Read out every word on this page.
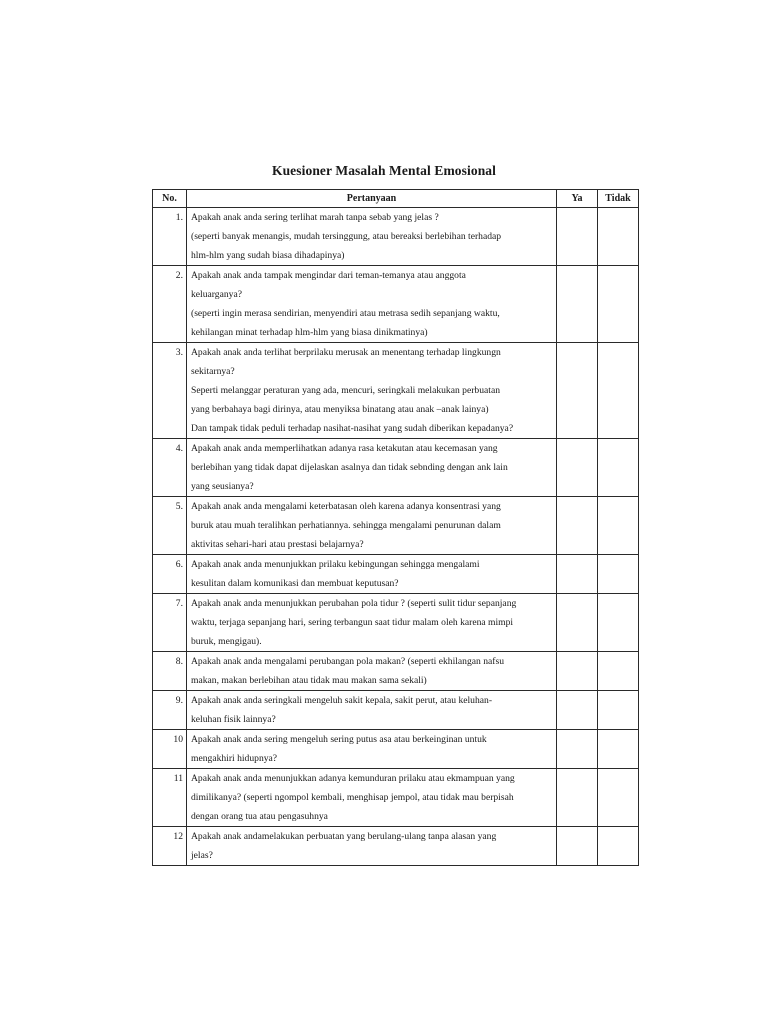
Kuesioner Masalah Mental Emosional
No.	Pertanyaan	Ya	Tidak
1.	Apakah anak anda sering terlihat marah tanpa sebab yang jelas ?
(seperti banyak menangis, mudah tersinggung, atau bereaksi berlebihan terhadap
hlm-hlm yang sudah biasa dihadapinya)		

2.	Apakah anak anda tampak mengindar dari teman-temanya atau anggota
keluarganya?
(seperti ingin merasa sendirian, menyendiri atau metrasa sedih sepanjang waktu,
kehilangan minat terhadap hlm-hlm yang biasa dinikmatinya)		

3.	Apakah anak anda terlihat berprilaku merusak an menentang terhadap lingkungn
sekitarnya?
Seperti melanggar peraturan yang ada, mencuri, seringkali melakukan perbuatan
yang berbahaya bagi dirinya, atau menyiksa binatang atau anak –anak lainya)
Dan tampak tidak peduli terhadap nasihat-nasihat yang sudah diberikan kepadanya?		

4.	Apakah anak anda memperlihatkan adanya rasa ketakutan atau kecemasan yang
berlebihan yang tidak dapat dijelaskan asalnya dan tidak sebnding dengan ank lain
yang seusianya?		

5.	Apakah anak anda mengalami keterbatasan oleh karena adanya konsentrasi yang
buruk atau muah teralihkan perhatiannya. sehingga mengalami penurunan dalam
aktivitas sehari-hari atau prestasi belajarnya?		

6.	Apakah anak anda menunjukkan prilaku kebingungan sehingga mengalami
kesulitan dalam komunikasi dan membuat keputusan?		

7.	Apakah anak anda menunjukkan perubahan pola tidur ? (seperti sulit tidur sepanjang
waktu, terjaga sepanjang hari, sering terbangun saat tidur malam oleh karena mimpi
buruk, mengigau).		

8.	Apakah anak anda mengalami perubangan pola makan? (seperti ekhilangan nafsu
makan, makan berlebihan atau tidak mau makan sama sekali)		

9.	Apakah anak anda seringkali mengeluh sakit kepala, sakit perut, atau keluhan-
keluhan fisik lainnya?		

10	Apakah anak anda sering mengeluh sering putus asa atau berkeinginan untuk
mengakhiri hidupnya?		

11	Apakah anak anda menunjukkan adanya kemunduran prilaku atau ekmampuan yang
dimilikanya? (seperti ngompol kembali, menghisap jempol, atau tidak mau berpisah
dengan orang tua atau pengasuhnya		

12	Apakah anak andamelakukan perbuatan yang berulang-ulang tanpa alasan yang
jelas?		
